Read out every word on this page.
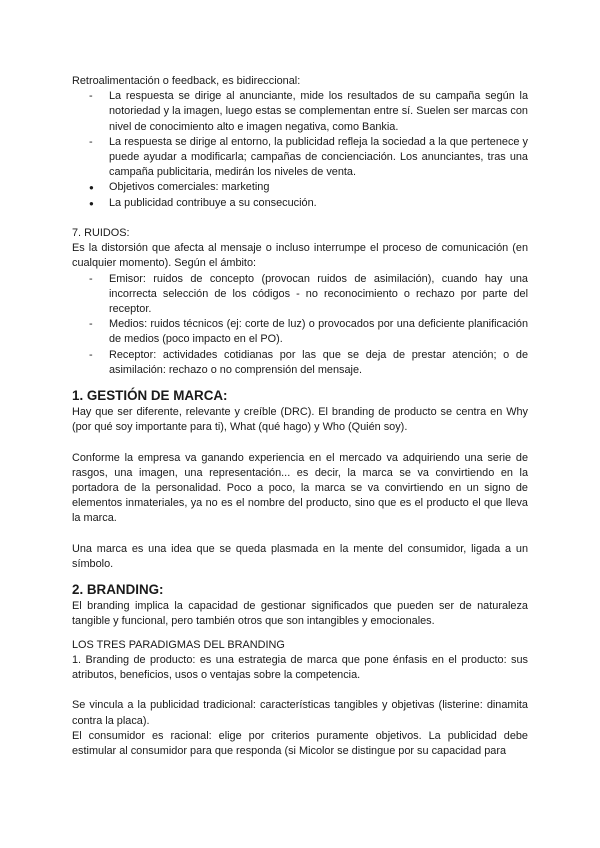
Retroalimentación o feedback, es bidireccional:

-	La respuesta se dirige al anunciante, mide los resultados de su campaña según la notoriedad y la imagen, luego estas se complementan entre sí. Suelen ser marcas con nivel de conocimiento alto e imagen negativa, como Bankia.
-	La respuesta se dirige al entorno, la publicidad refleja la sociedad a la que pertenece y puede ayudar a modificarla; campañas de concienciación. Los anunciantes, tras una campaña publicitaria, medirán los niveles de venta.
●	Objetivos comerciales: marketing
●	La publicidad contribuye a su consecución.

7. RUIDOS:

Es la distorsión que afecta al mensaje o incluso interrumpe el proceso de comunicación (en cualquier momento). Según el ámbito:

-	Emisor: ruidos de concepto (provocan ruidos de asimilación), cuando hay una incorrecta selección de los códigos - no reconocimiento o rechazo por parte del receptor.
-	Medios: ruidos técnicos (ej: corte de luz) o provocados por una deficiente planificación de medios (poco impacto en el PO).
-	Receptor: actividades cotidianas por las que se deja de prestar atención; o de asimilación: rechazo o no comprensión del mensaje.

1. GESTIÓN DE MARCA:

Hay que ser diferente, relevante y creíble (DRC). El branding de producto se centra en Why (por qué soy importante para ti), What (qué hago) y Who (Quién soy).

Conforme la empresa va ganando experiencia en el mercado va adquiriendo una serie de rasgos, una imagen, una representación... es decir, la marca se va convirtiendo en la portadora de la personalidad. Poco a poco, la marca se va convirtiendo en un signo de elementos inmateriales, ya no es el nombre del producto, sino que es el producto el que lleva la marca.

Una marca es una idea que se queda plasmada en la mente del consumidor, ligada a un símbolo.

2. BRANDING:

El branding implica la capacidad de gestionar significados que pueden ser de naturaleza tangible y funcional, pero también otros que son intangibles y emocionales.

LOS TRES PARADIGMAS DEL BRANDING

1. Branding de producto: es una estrategia de marca que pone énfasis en el producto: sus atributos, beneficios, usos o ventajas sobre la competencia.

Se vincula a la publicidad tradicional: características tangibles y objetivas (listerine: dinamita contra la placa).

El consumidor es racional: elige por criterios puramente objetivos. La publicidad debe estimular al consumidor para que responda (si Micolor se distingue por su capacidad para
